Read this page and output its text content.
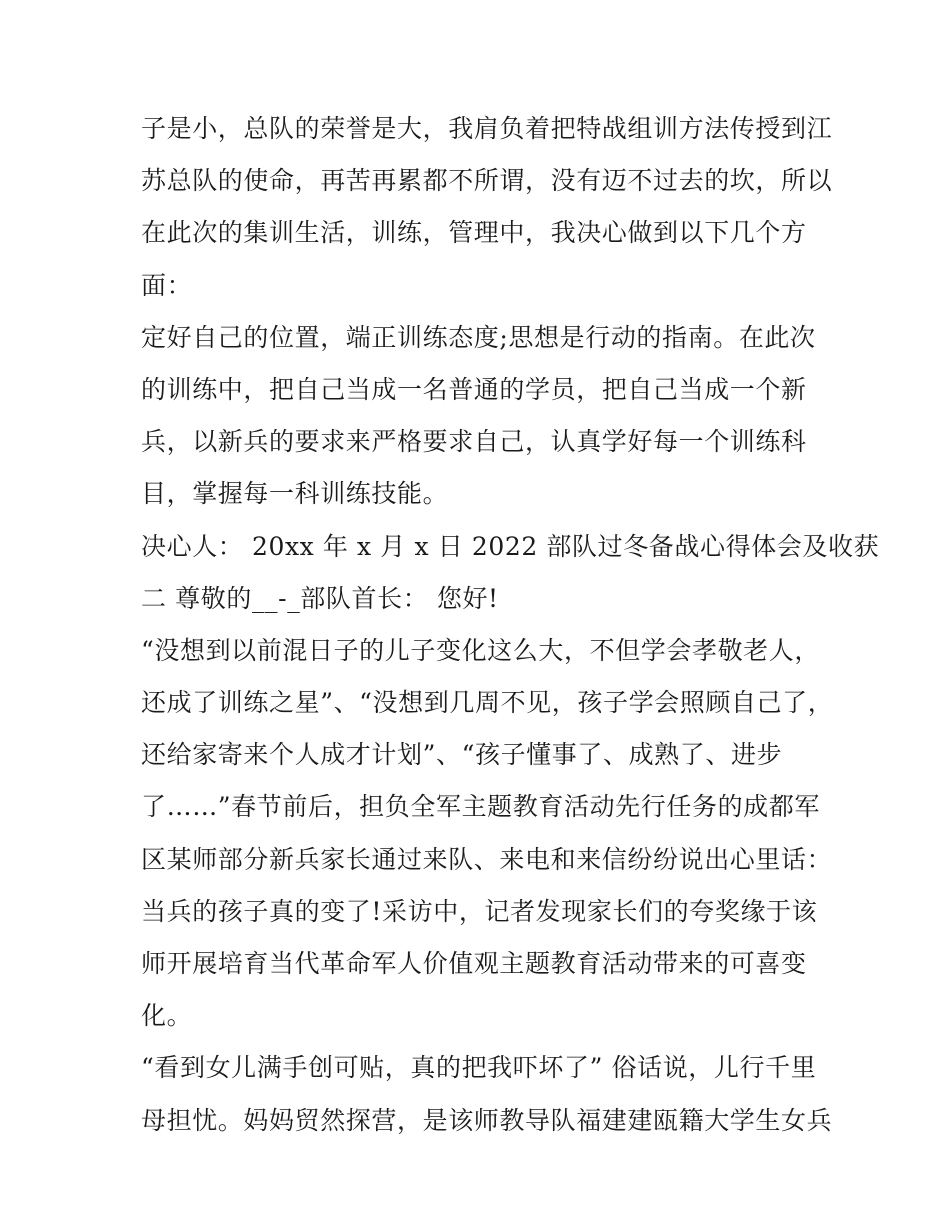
子是小，总队的荣誉是大，我肩负着把特战组训方法传授到江
苏总队的使命，再苦再累都不所谓，没有迈不过去的坎，所以
在此次的集训生活，训练，管理中，我决心做到以下几个方
面：
定好自己的位置，端正训练态度;思想是行动的指南。在此次
的训练中，把自己当成一名普通的学员，把自己当成一个新
兵，以新兵的要求来严格要求自己，认真学好每一个训练科
目，掌握每一科训练技能。
决心人： 20xx 年 x 月 x 日 2022 部队过冬备战心得体会及收获
二 尊敬的__-_部队首长： 您好!
“没想到以前混日子的儿子变化这么大，不但学会孝敬老人，
还成了训练之星”、“没想到几周不见，孩子学会照顾自己了，
还给家寄来个人成才计划”、“孩子懂事了、成熟了、进步
了……”春节前后，担负全军主题教育活动先行任务的成都军
区某师部分新兵家长通过来队、来电和来信纷纷说出心里话：
当兵的孩子真的变了!采访中，记者发现家长们的夸奖缘于该
师开展培育当代革命军人价值观主题教育活动带来的可喜变
化。
“看到女儿满手创可贴，真的把我吓坏了” 俗话说，儿行千里
母担忧。妈妈贸然探营，是该师教导队福建建瓯籍大学生女兵
